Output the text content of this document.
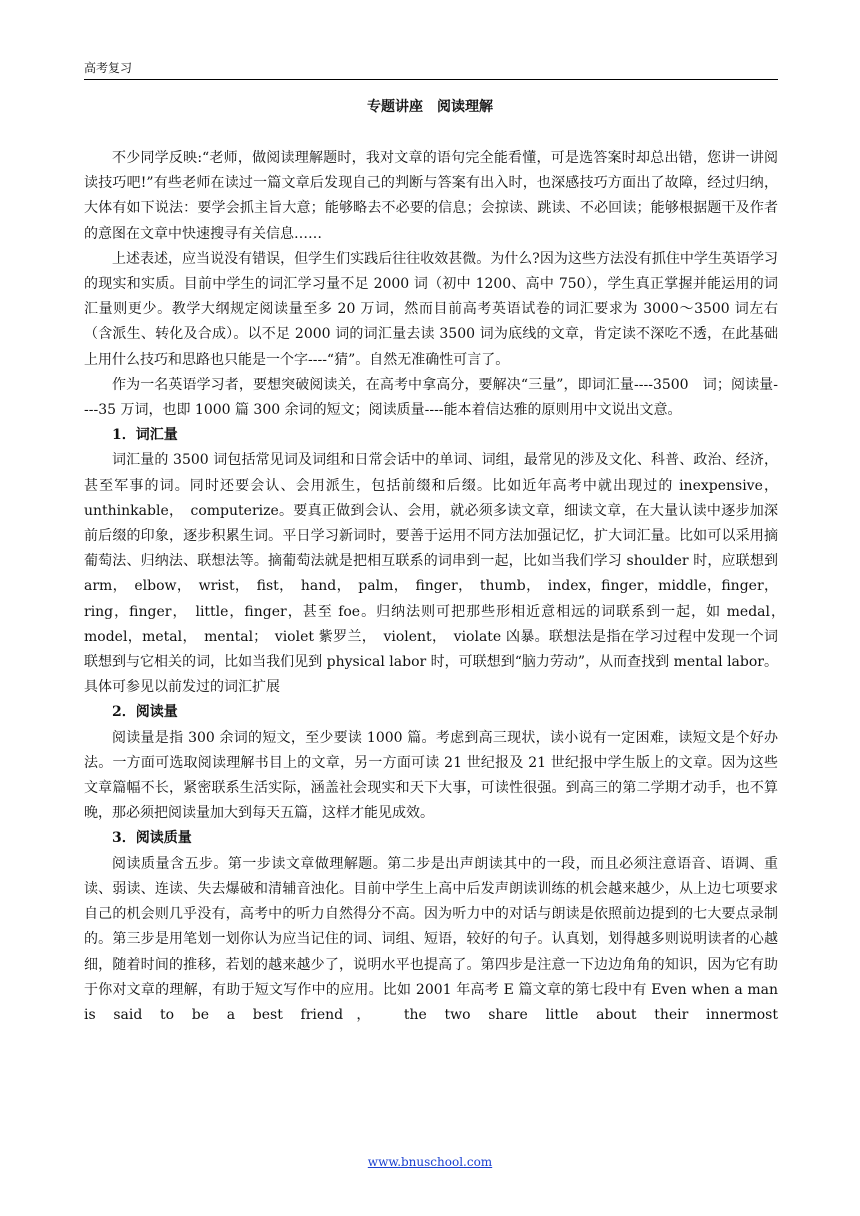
高考复习
专题讲座　阅读理解

不少同学反映:“老师，做阅读理解题时，我对文章的语句完全能看懂，可是选答案时却总出错，您讲一讲阅读技巧吧!”有些老师在读过一篇文章后发现自己的判断与答案有出入时，也深感技巧方面出了故障，经过归纳，大体有如下说法：要学会抓主旨大意；能够略去不必要的信息；会掠读、跳读、不必回读；能够根据题干及作者的意图在文章中快速搜寻有关信息……

上述表述，应当说没有错误，但学生们实践后往往收效甚微。为什么?因为这些方法没有抓住中学生英语学习的现实和实质。目前中学生的词汇学习量不足 2000 词（初中 1200、高中 750），学生真正掌握并能运用的词汇量则更少。教学大纲规定阅读量至多 20 万词，然而目前高考英语试卷的词汇要求为 3000～3500 词左右（含派生、转化及合成）。以不足 2000 词的词汇量去读 3500 词为底线的文章，肯定读不深吃不透，在此基础上用什么技巧和思路也只能是一个字----“猜”。自然无准确性可言了。

作为一名英语学习者，要想突破阅读关，在高考中拿高分，要解决“三量”，即词汇量----3500　词；阅读量----35 万词，也即 1000 篇 300 余词的短文；阅读质量----能本着信达雅的原则用中文说出文意。

1．词汇量

词汇量的 3500 词包括常见词及词组和日常会话中的单词、词组，最常见的涉及文化、科普、政治、经济，甚至军事的词。同时还要会认、会用派生，包括前缀和后缀。比如近年高考中就出现过的 inexpensive，unthinkable，　computerize。要真正做到会认、会用，就必须多读文章，细读文章，在大量认读中逐步加深前后缀的印象，逐步积累生词。平日学习新词时，要善于运用不同方法加强记忆，扩大词汇量。比如可以采用摘葡萄法、归纳法、联想法等。摘葡萄法就是把相互联系的词串到一起，比如当我们学习 shoulder 时，应联想到 arm，　elbow，　wrist，　fist，　hand，　palm，　finger，　thumb，　index，finger，middle，finger，ring，finger，　little，finger，甚至 foe。归纳法则可把那些形相近意相远的词联系到一起，如 medal，　model，metal，　mental；　violet 紫罗兰，　violent，　violate 凶暴。联想法是指在学习过程中发现一个词联想到与它相关的词，比如当我们见到 physical labor 时，可联想到“脑力劳动”，从而查找到 mental labor。具体可参见以前发过的词汇扩展

2．阅读量

阅读量是指 300 余词的短文，至少要读 1000 篇。考虑到高三现状，读小说有一定困难，读短文是个好办法。一方面可选取阅读理解书目上的文章，另一方面可读 21 世纪报及 21 世纪报中学生版上的文章。因为这些文章篇幅不长，紧密联系生活实际，涵盖社会现实和天下大事，可读性很强。到高三的第二学期才动手，也不算晚，那必须把阅读量加大到每天五篇，这样才能见成效。

3．阅读质量

阅读质量含五步。第一步读文章做理解题。第二步是出声朗读其中的一段，而且必须注意语音、语调、重读、弱读、连读、失去爆破和清辅音浊化。目前中学生上高中后发声朗读训练的机会越来越少，从上边七项要求自己的机会则几乎没有，高考中的听力自然得分不高。因为听力中的对话与朗读是依照前边提到的七大要点录制的。第三步是用笔划一划你认为应当记住的词、词组、短语，较好的句子。认真划，划得越多则说明读者的心越细，随着时间的推移，若划的越来越少了，说明水平也提高了。第四步是注意一下边边角角的知识，因为它有助于你对文章的理解，有助于短文写作中的应用。比如 2001 年高考 E 篇文章的第七段中有 Even when a man is said to be a best friend，　the two share little about their innermost

www.bnuschool.com
